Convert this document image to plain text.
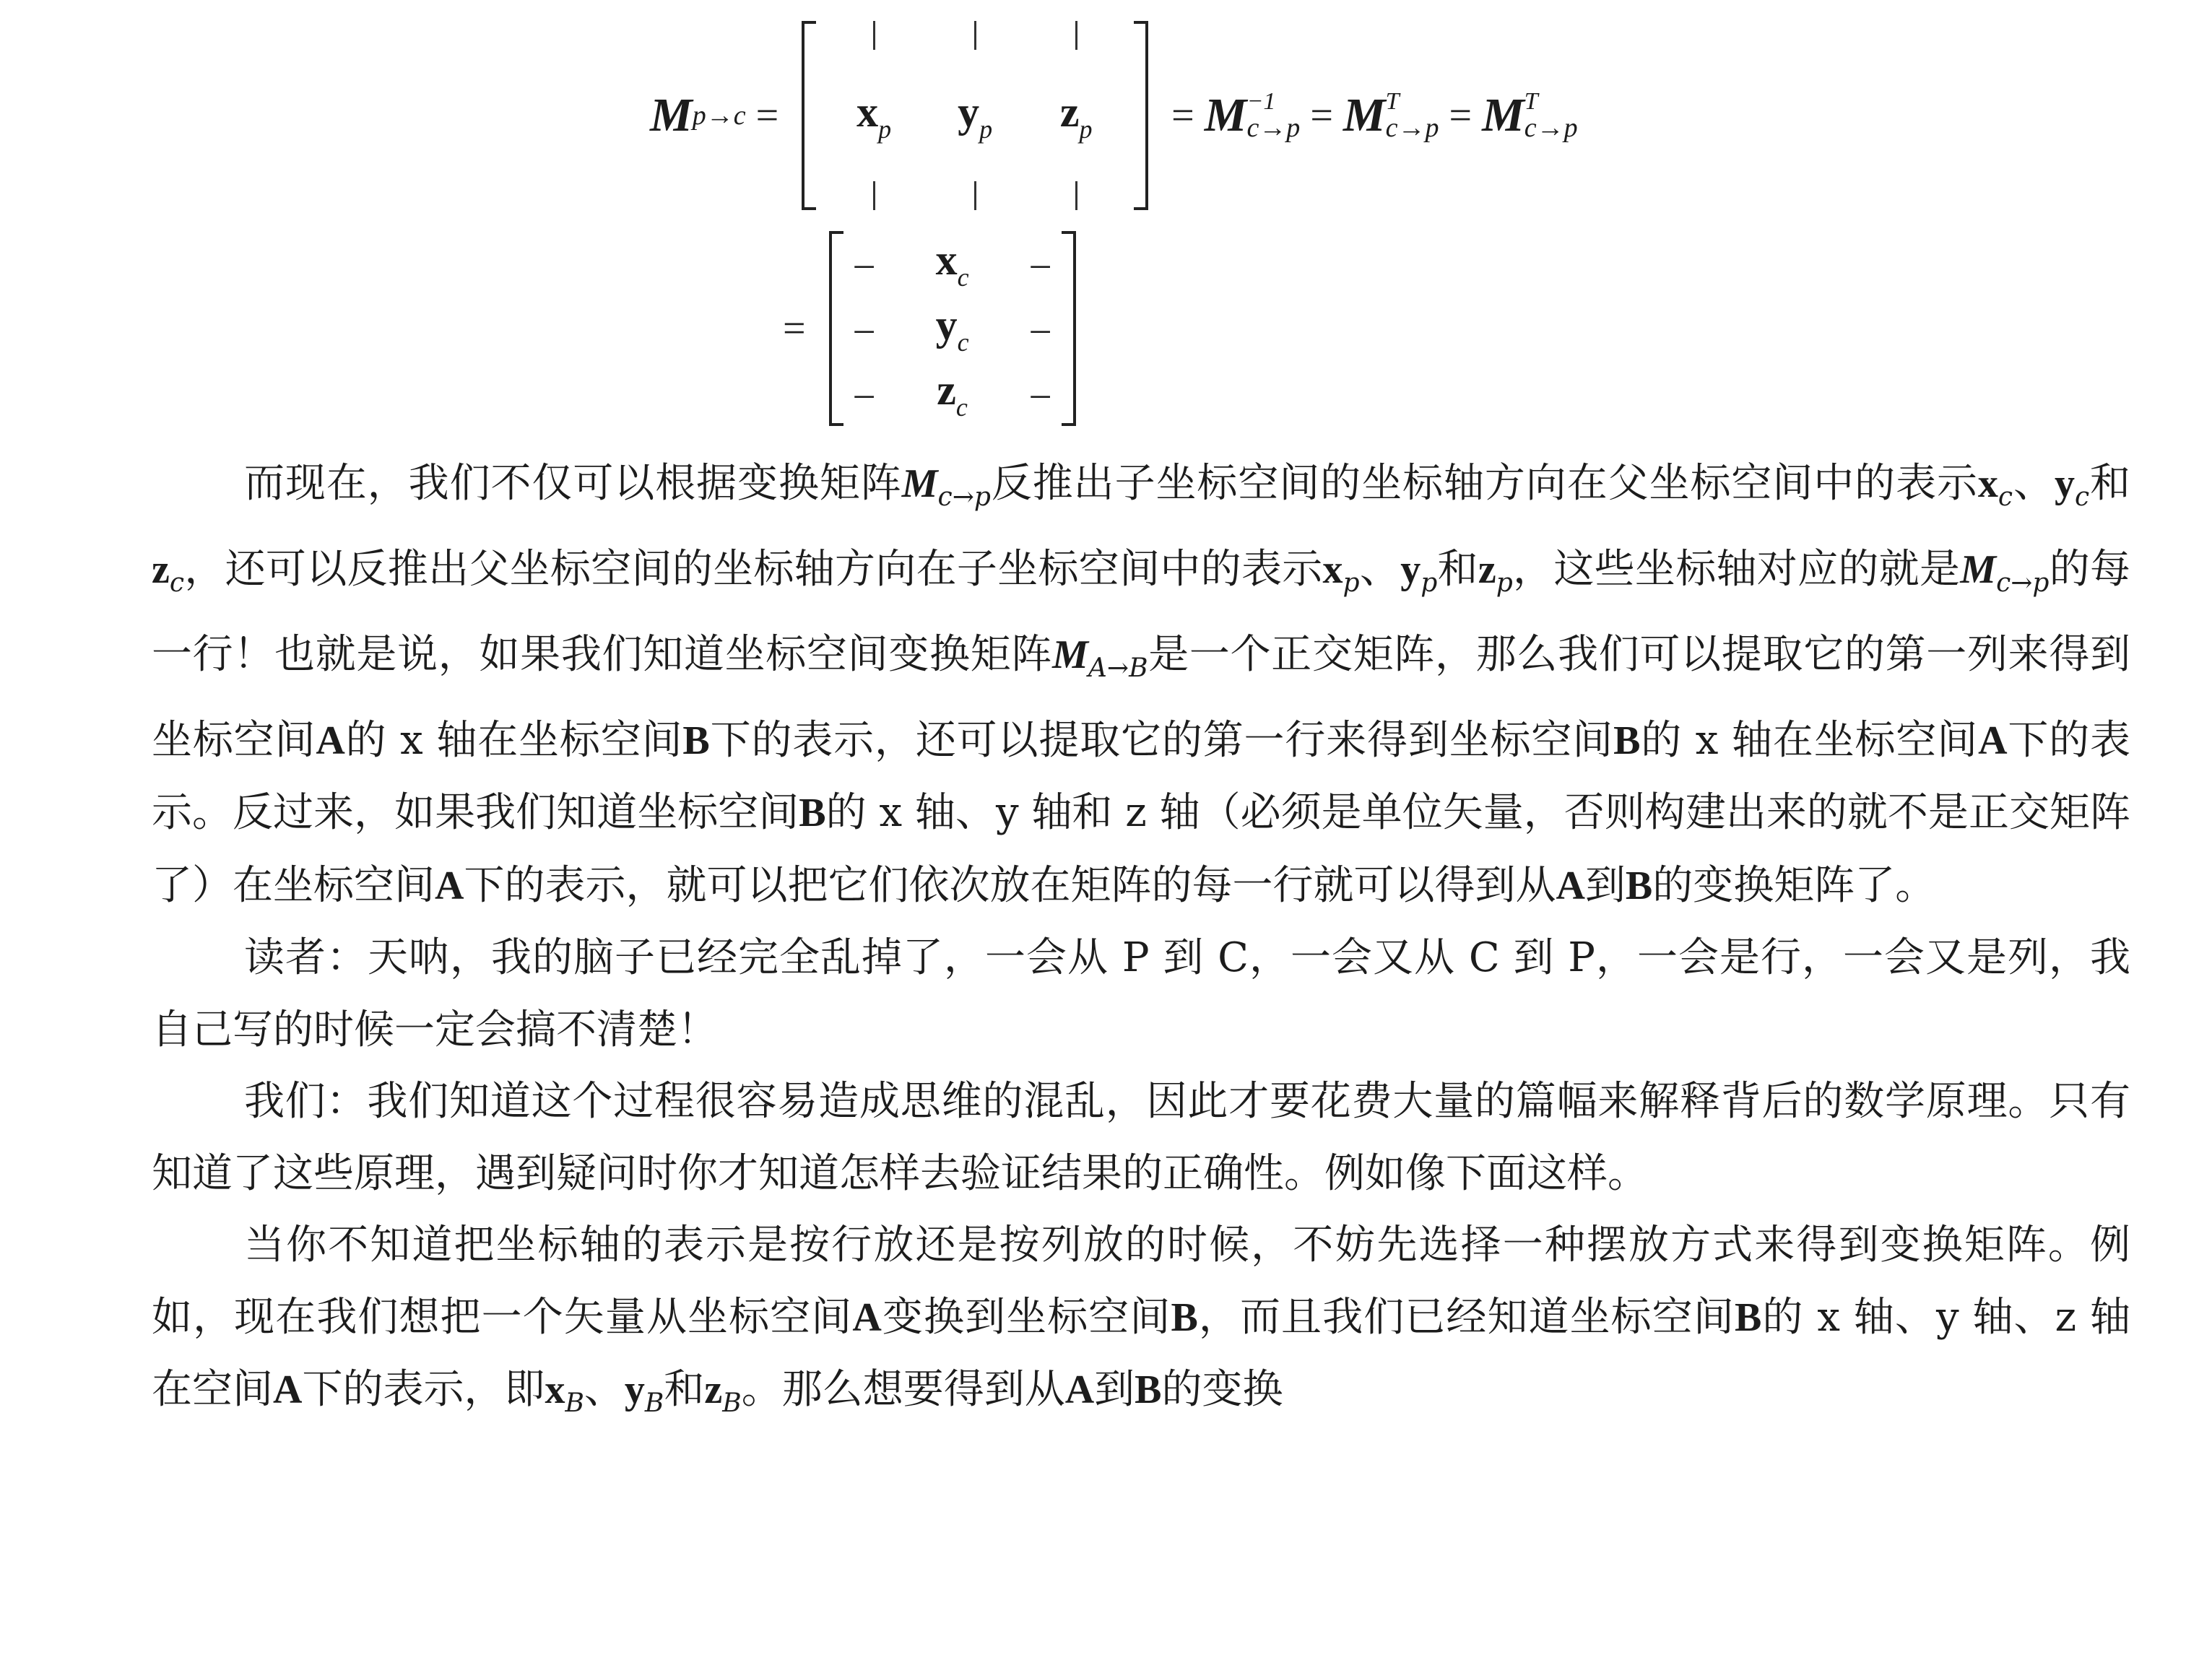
M p→c = xp yp zp = M −1
c→p = M T
c→p = M T
c→p
=
– xc –
– yc –
– zc –

而现在，我们不仅可以根据变换矩阵$M_{c\to p}$反推出子坐标空间的坐标轴方向在父坐标空间中的表示$x_c$、$y_c$和$z_c$，还可以反推出父坐标空间的坐标轴方向在子坐标空间中的表示$x_p$、$y_p$和$z_p$，这些坐标轴对应的就是$M_{c\to p}$的每一行！也就是说，如果我们知道坐标空间变换矩阵$M_{A\to B}$是一个正交矩阵，那么我们可以提取它的第一列来得到坐标空间A的 x 轴在坐标空间B下的表示，还可以提取它的第一行来得到坐标空间B的 x 轴在坐标空间A下的表示。反过来，如果我们知道坐标空间B的 x 轴、y 轴和 z 轴（必须是单位矢量，否则构建出来的就不是正交矩阵了）在坐标空间A下的表示，就可以把它们依次放在矩阵的每一行就可以得到从A到B的变换矩阵了。

读者：天呐，我的脑子已经完全乱掉了，一会从 P 到 C，一会又从 C 到 P，一会是行，一会又是列，我自己写的时候一定会搞不清楚！

我们：我们知道这个过程很容易造成思维的混乱，因此才要花费大量的篇幅来解释背后的数学原理。只有知道了这些原理，遇到疑问时你才知道怎样去验证结果的正确性。例如像下面这样。

当你不知道把坐标轴的表示是按行放还是按列放的时候，不妨先选择一种摆放方式来得到变换矩阵。例如，现在我们想把一个矢量从坐标空间A变换到坐标空间B，而且我们已经知道坐标空间B的 x 轴、y 轴、z 轴在空间A下的表示，即$x_B$、$y_B$和$z_B$。那么想要得到从A到B的变换
